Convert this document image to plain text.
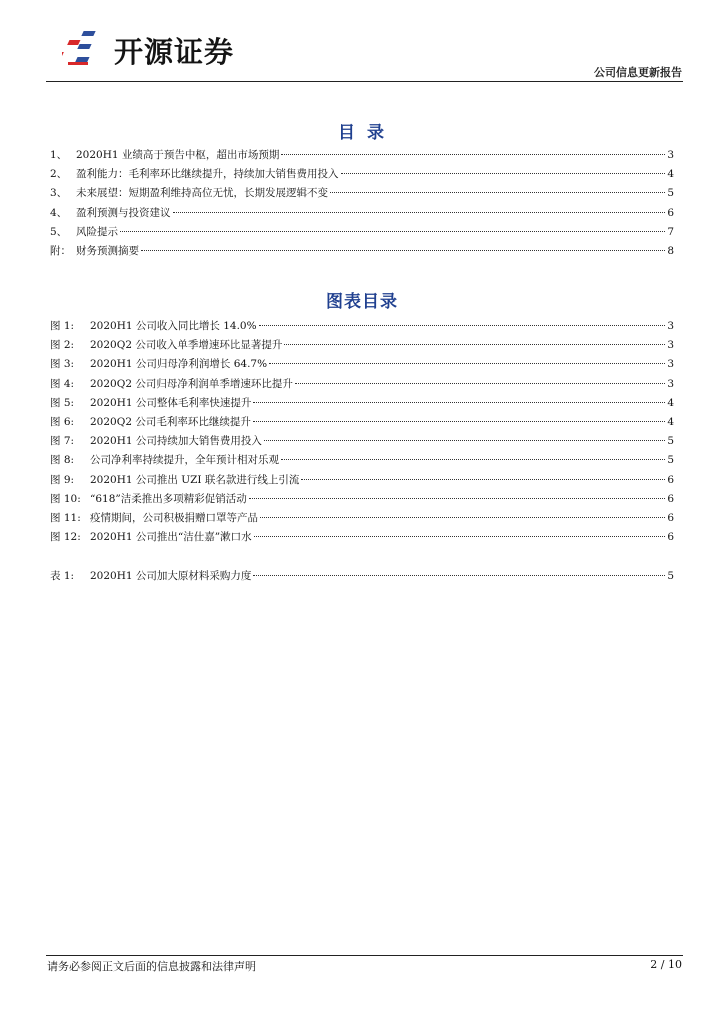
开源证券
公司信息更新报告
目录
1、 2020H1 业绩高于预告中枢，超出市场预期	3
2、 盈利能力：毛利率环比继续提升，持续加大销售费用投入	4
3、 未来展望：短期盈利维持高位无忧，长期发展逻辑不变	5
4、 盈利预测与投资建议	6
5、 风险提示	7
附： 财务预测摘要	8
图表目录
图 1:	2020H1 公司收入同比增长 14.0%	3
图 2:	2020Q2 公司收入单季增速环比显著提升	3
图 3:	2020H1 公司归母净利润增长 64.7%	3
图 4:	2020Q2 公司归母净利润单季增速环比提升	3
图 5:	2020H1 公司整体毛利率快速提升	4
图 6:	2020Q2 公司毛利率环比继续提升	4
图 7:	2020H1 公司持续加大销售费用投入	5
图 8:	公司净利率持续提升，全年预计相对乐观	5
图 9:	2020H1 公司推出 UZI 联名款进行线上引流	6
图 10: “618”洁柔推出多项精彩促销活动	6
图 11: 疫情期间，公司积极捐赠口罩等产品	6
图 12: 2020H1 公司推出“洁仕嘉”漱口水	6
表 1:	2020H1 公司加大原材料采购力度	5
请务必参阅正文后面的信息披露和法律声明	2 / 10
